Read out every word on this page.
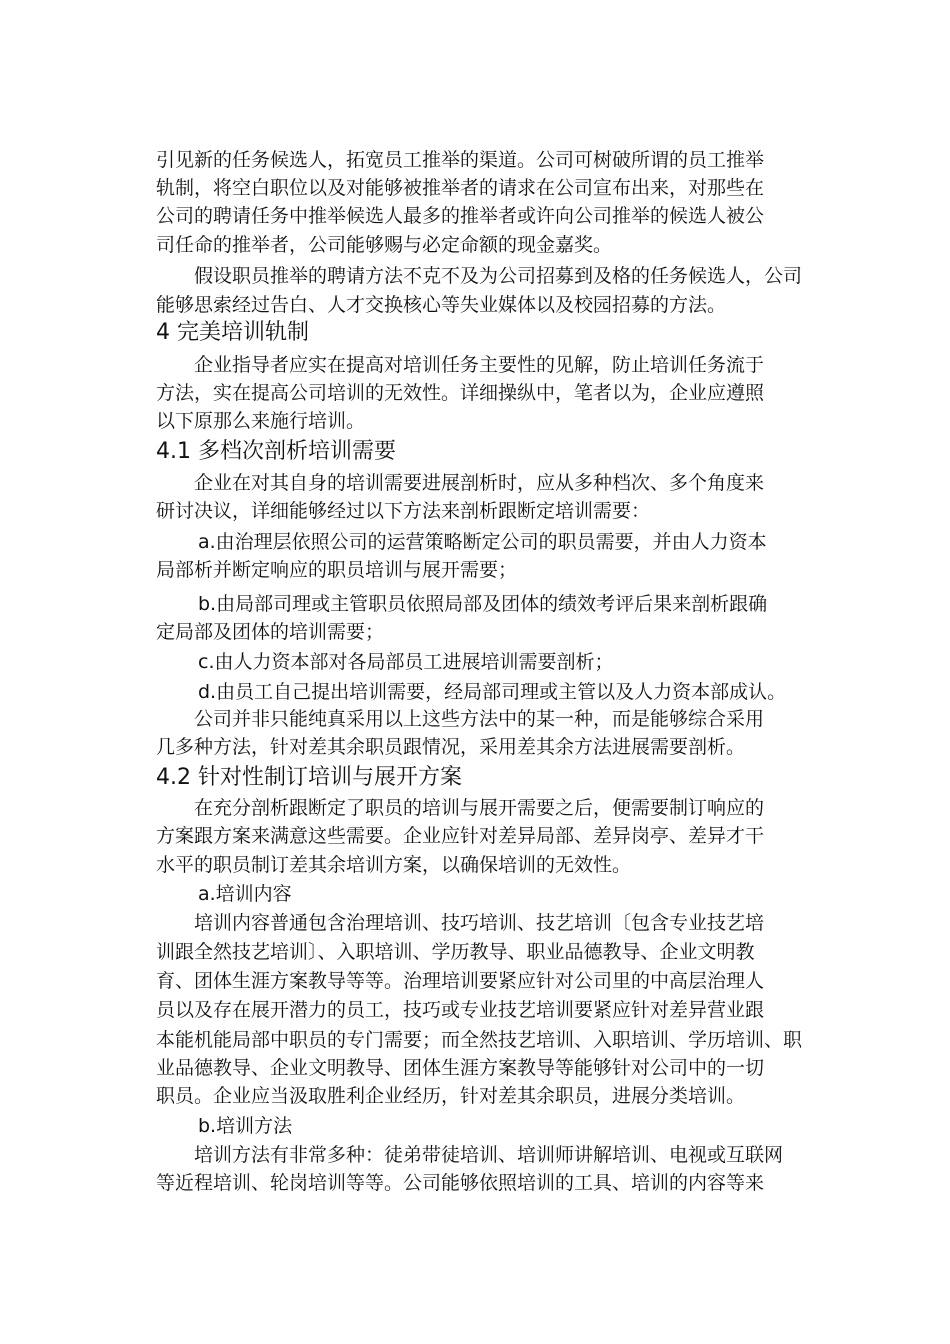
引见新的任务候选人，拓宽员工推举的渠道。公司可树破所谓的员工推举
轨制，将空白职位以及对能够被推举者的请求在公司宣布出来，对那些在
公司的聘请任务中推举候选人最多的推举者或许向公司推举的候选人被公
司任命的推举者，公司能够赐与必定命额的现金嘉奖。
假设职员推举的聘请方法不克不及为公司招募到及格的任务候选人，公司
能够思索经过告白、人才交换核心等失业媒体以及校园招募的方法。
4 完美培训轨制
企业指导者应实在提高对培训任务主要性的见解，防止培训任务流于
方法，实在提高公司培训的无效性。详细操纵中，笔者以为，企业应遵照
以下原那么来施行培训。
4.1 多档次剖析培训需要
企业在对其自身的培训需要进展剖析时，应从多种档次、多个角度来
研讨决议，详细能够经过以下方法来剖析跟断定培训需要：
a.由治理层依照公司的运营策略断定公司的职员需要，并由人力资本
局部析并断定响应的职员培训与展开需要；
b.由局部司理或主管职员依照局部及团体的绩效考评后果来剖析跟确
定局部及团体的培训需要；
c.由人力资本部对各局部员工进展培训需要剖析；
d.由员工自己提出培训需要，经局部司理或主管以及人力资本部成认。
公司并非只能纯真采用以上这些方法中的某一种，而是能够综合采用
几多种方法，针对差其余职员跟情况，采用差其余方法进展需要剖析。
4.2 针对性制订培训与展开方案
在充分剖析跟断定了职员的培训与展开需要之后，便需要制订响应的
方案跟方案来满意这些需要。企业应针对差异局部、差异岗亭、差异才干
水平的职员制订差其余培训方案，以确保培训的无效性。
a.培训内容
培训内容普通包含治理培训、技巧培训、技艺培训〔包含专业技艺培
训跟全然技艺培训〕、入职培训、学历教导、职业品德教导、企业文明教
育、团体生涯方案教导等等。治理培训要紧应针对公司里的中高层治理人
员以及存在展开潜力的员工，技巧或专业技艺培训要紧应针对差异营业跟
本能机能局部中职员的专门需要；而全然技艺培训、入职培训、学历培训、职
业品德教导、企业文明教导、团体生涯方案教导等能够针对公司中的一切
职员。企业应当汲取胜利企业经历，针对差其余职员，进展分类培训。
b.培训方法
培训方法有非常多种：徒弟带徒培训、培训师讲解培训、电视或互联网
等近程培训、轮岗培训等等。公司能够依照培训的工具、培训的内容等来
